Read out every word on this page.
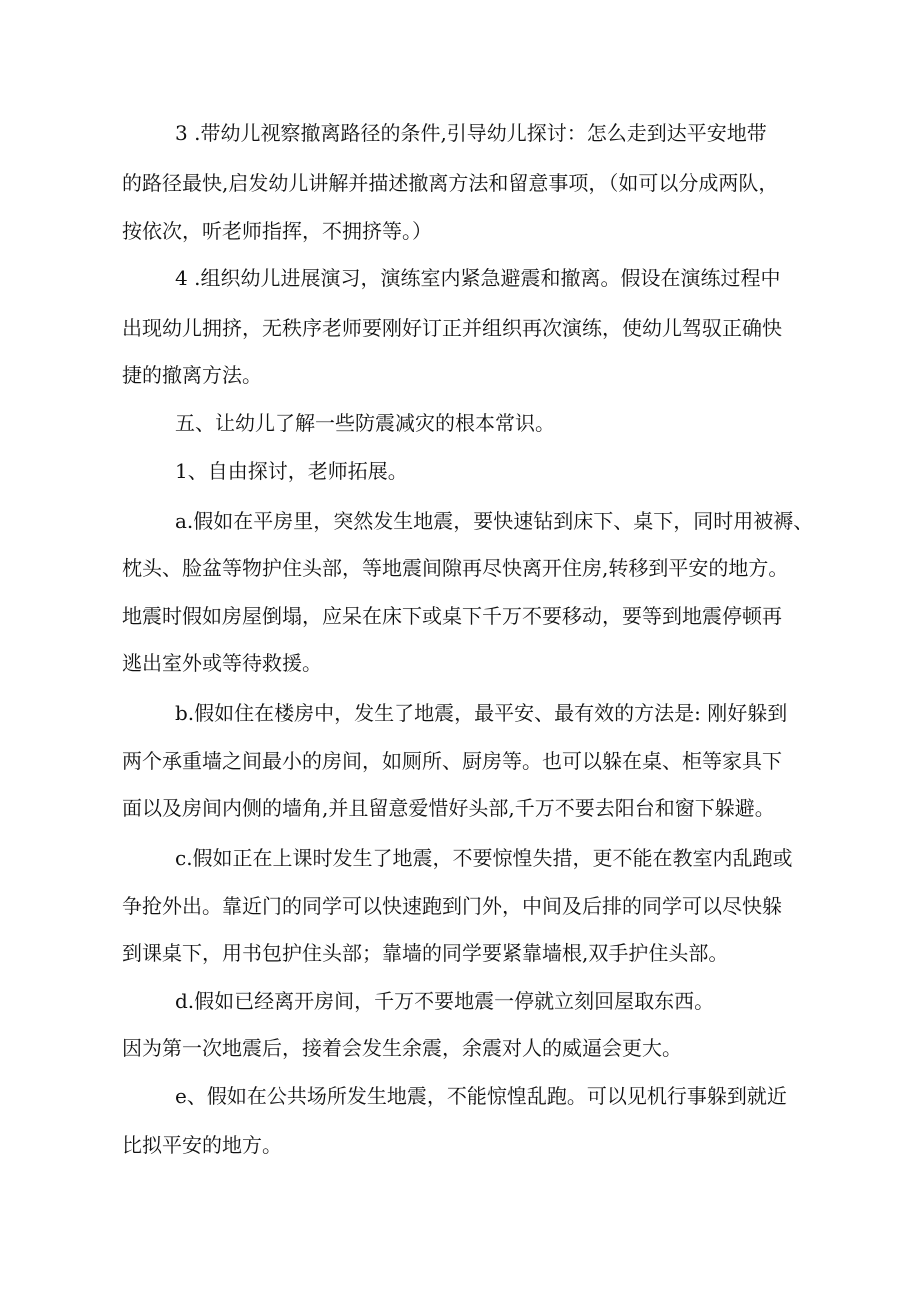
3 .带幼儿视察撤离路径的条件,引导幼儿探讨：怎么走到达平安地带
的路径最快,启发幼儿讲解并描述撤离方法和留意事项，（如可以分成两队，
按依次，听老师指挥，不拥挤等。）
4 .组织幼儿进展演习，演练室内紧急避震和撤离。假设在演练过程中
出现幼儿拥挤，无秩序老师要刚好订正并组织再次演练，使幼儿驾驭正确快
捷的撤离方法。
五、让幼儿了解一些防震减灾的根本常识。
1、自由探讨，老师拓展。
a.假如在平房里，突然发生地震，要快速钻到床下、桌下，同时用被褥、
枕头、脸盆等物护住头部，等地震间隙再尽快离开住房,转移到平安的地方。
地震时假如房屋倒塌，应呆在床下或桌下千万不要移动，要等到地震停顿再
逃出室外或等待救援。
b.假如住在楼房中，发生了地震，最平安、最有效的方法是: 刚好躲到
两个承重墙之间最小的房间，如厕所、厨房等。也可以躲在桌、柜等家具下
面以及房间内侧的墙角,并且留意爱惜好头部,千万不要去阳台和窗下躲避。
c.假如正在上课时发生了地震，不要惊惶失措，更不能在教室内乱跑或
争抢外出。靠近门的同学可以快速跑到门外，中间及后排的同学可以尽快躲
到课桌下，用书包护住头部；靠墙的同学要紧靠墙根,双手护住头部。
d.假如已经离开房间，千万不要地震一停就立刻回屋取东西。
因为第一次地震后，接着会发生余震，余震对人的威逼会更大。
e、假如在公共场所发生地震，不能惊惶乱跑。可以见机行事躲到就近
比拟平安的地方。
